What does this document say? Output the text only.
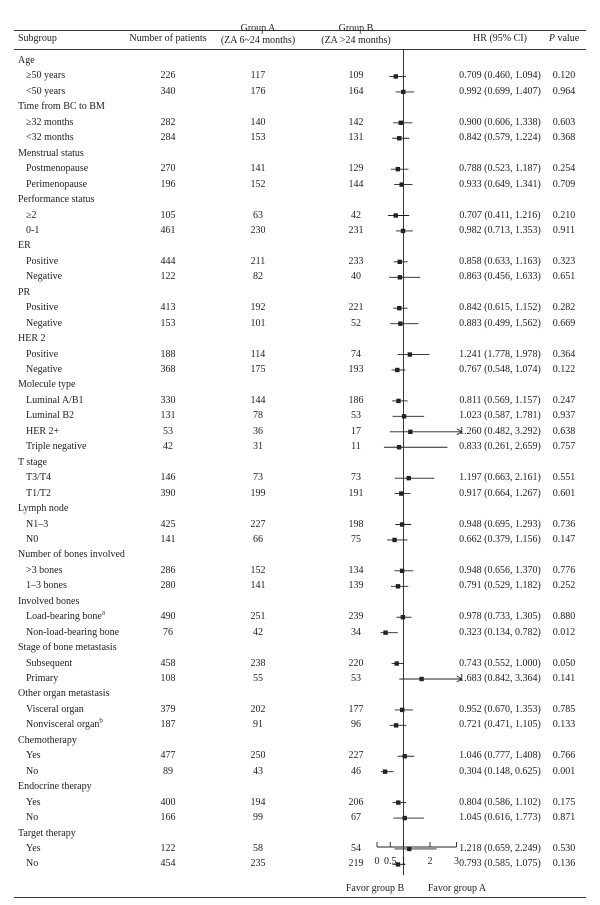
Subgroup	Number of patients
Group A
(ZA 6~24 months)
Group B
(ZA >24 months)	HR (95% CI) P value
Age
≥50 years	226	117	109	0.709 (0.460, 1.094) 0.120
<50 years	340	176	164	0.992 (0.699, 1.407) 0.964
Time from BC to BM
≥32 months	282	140	142	0.900 (0.606, 1.338) 0.603
<32 months	284	153	131	0.842 (0.579, 1.224) 0.368
Menstrual status
Postmenopause	270	141	129	0.788 (0.523, 1.187) 0.254
Perimenopause	196	152	144	0.933 (0.649, 1.341) 0.709
Performance status
≥2	105	63	42	0.707 (0.411, 1.216) 0.210
0-1	461	230	231	0.982 (0.713, 1.353) 0.911
ER
Positive	444	211	233	0.858 (0.633, 1.163) 0.323
Negative	122	82	40	0.863 (0.456, 1.633) 0.651
PR
Positive	413	192	221	0.842 (0.615, 1.152) 0.282
Negative	153	101	52	0.883 (0.499, 1.562) 0.669
HER 2
Positive	188	114	74	1.241 (1.778, 1.978) 0.364
Negative	368	175	193	0.767 (0.548, 1.074) 0.122
Molecule type
Luminal A/B1	330	144	186	0.811 (0.569, 1.157) 0.247
Luminal B2	131	78	53	1.023 (0.587, 1.781) 0.937
HER 2+	53	36	17	1.260 (0.482, 3.292) 0.638
Triple negative	42	31	11	0.833 (0.261, 2.659) 0.757
T stage
T3/T4	146	73	73	1.197 (0.663, 2.161) 0.551
T1/T2	390	199	191	0.917 (0.664, 1.267) 0.601
Lymph node
N1–3	425	227	198	0.948 (0.695, 1.293) 0.736
N0	141	66	75	0.662 (0.379, 1.156) 0.147
Number of bones involved
>3 bones	286	152	134	0.948 (0.656, 1.370) 0.776
1–3 bones	280	141	139	0.791 (0.529, 1.182) 0.252
Involved bones
Load-bearing bone$^a$	490	251	239	0.978 (0.733, 1.305) 0.880
Non-load-bearing bone	76	42	34	0.323 (0.134, 0.782) 0.012
Stage of bone metastasis
Subsequent	458	238	220	0.743 (0.552, 1.000) 0.050
Primary	108	55	53	1.683 (0.842, 3.364) 0.141
Other organ metastasis
Visceral organ	379	202	177	0.952 (0.670, 1.353) 0.785
Nonvisceral organ$^b$	187	91	96	0.721 (0.471, 1.105) 0.133
Chemotherapy
Yes	477	250	227	1.046 (0.777, 1.408) 0.766
No	89	43	46	0.304 (0.148, 0.625) 0.001
Endocrine therapy
Yes	400	194	206	0.804 (0.586, 1.102) 0.175
No	166	99	67	1.045 (0.616, 1.773) 0.871
Target therapy
Yes	122	58	54	1.218 (0.659, 2.249) 0.530
No	454	235	219	0.793 (0.585, 1.075) 0.136
0 0.5 1 2 3
Favor group B Favor group A
